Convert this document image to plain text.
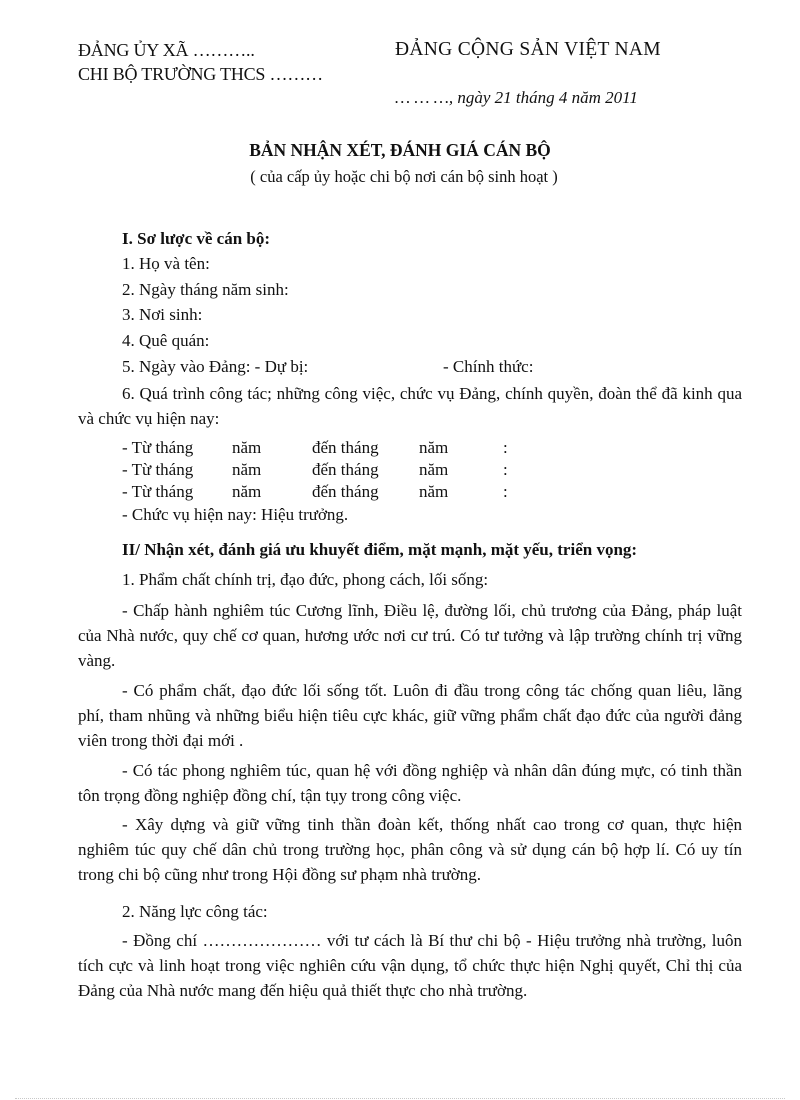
ĐẢNG ỦY XÃ ………..
CHI BỘ TRƯỜNG THCS ………
ĐẢNG CỘNG SẢN VIỆT NAM
… … …, ngày 21 tháng 4 năm 2011
BẢN NHẬN XÉT, ĐÁNH GIÁ CÁN BỘ
( của cấp ủy hoặc chi bộ nơi cán bộ sinh hoạt )
I. Sơ lược về cán bộ:
1. Họ và tên:
2. Ngày tháng năm sinh:
3. Nơi sinh:
4. Quê quán:
5. Ngày vào Đảng: - Dự bị:	- Chính thức:
6. Quá trình công tác; những công việc, chức vụ Đảng, chính quyền, đoàn thể đã kinh qua và chức vụ hiện nay:
- Từ tháng năm	đến tháng năm	:
- Từ tháng năm	đến tháng năm	:
- Từ tháng năm	đến tháng năm	:
- Chức vụ hiện nay: Hiệu trưởng.
II/ Nhận xét, đánh giá ưu khuyết điểm, mặt mạnh, mặt yếu, triển vọng:
1. Phẩm chất chính trị, đạo đức, phong cách, lối sống:
- Chấp hành nghiêm túc Cương lĩnh, Điều lệ, đường lối, chủ trương của Đảng, pháp luật của Nhà nước, quy chế cơ quan, hương ước nơi cư trú. Có tư tưởng và lập trường chính trị vững vàng.
- Có phẩm chất, đạo đức lối sống tốt. Luôn đi đầu trong công tác chống quan liêu, lãng phí, tham nhũng và những biểu hiện tiêu cực khác, giữ vững phẩm chất đạo đức của người đảng viên trong thời đại mới .
- Có tác phong nghiêm túc, quan hệ với đồng nghiệp và nhân dân đúng mực, có tinh thần tôn trọng đồng nghiệp đồng chí, tận tụy trong công việc.
- Xây dựng và giữ vững tinh thần đoàn kết, thống nhất cao trong cơ quan, thực hiện nghiêm túc quy chế dân chủ trong trường học, phân công và sử dụng cán bộ hợp lí. Có uy tín trong chi bộ cũng như trong Hội đồng sư phạm nhà trường.
2. Năng lực công tác:
- Đồng chí ………………… với tư cách là Bí thư chi bộ - Hiệu trưởng nhà trường, luôn tích cực và linh hoạt trong việc nghiên cứu vận dụng, tổ chức thực hiện Nghị quyết, Chỉ thị của Đảng của Nhà nước mang đến hiệu quả thiết thực cho nhà trường.
